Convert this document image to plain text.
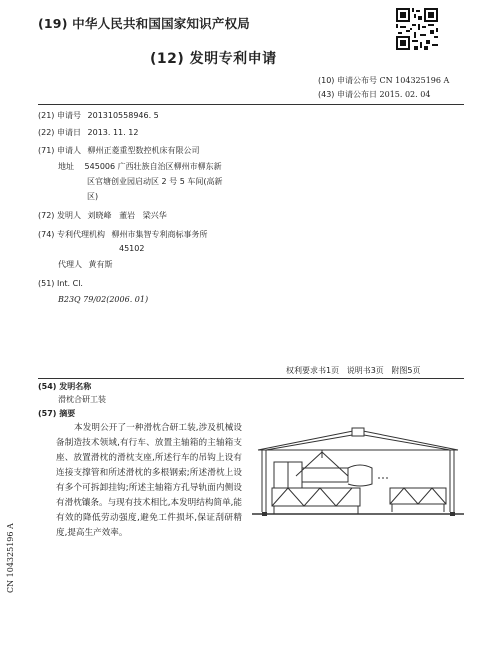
(19) 中华人民共和国国家知识产权局
(12) 发明专利申请
(10) 申请公布号 CN 104325196 A
(43) 申请公布日 2015. 02. 04
(21) 申请号 201310558946. 5
(22) 申请日 2013. 11. 12
(71) 申请人 柳州正菱重型数控机床有限公司
地址 545006 广西壮族自治区柳州市柳东新
区官塘创业园启动区 2 号 5 车间(高新
区)
(72) 发明人 刘晓峰   董岩   梁兴华
(74) 专利代理机构 柳州市集智专利商标事务所
45102
代理人 黄有斯
(51) Int. Cl.
B23Q 79/02(2006. 01)
权利要求书1页   说明书3页   附图5页
(54) 发明名称
滑枕合研工装
(57) 摘要
本发明公开了一种滑枕合研工装,涉及机械设备制造技术领域,有行车、放置主轴箱的主轴箱支座、放置滑枕的滑枕支座,所述行车的吊钩上设有连接支撑管和所述滑枕的多根钢索;所述滑枕上设有多个可拆卸挂钩;所述主轴箱方孔导轨面内侧设有滑枕镶条。与现有技术相比,本发明结构简单,能有效的降低劳动强度,避免工件损坏,保证刮研精度,提高生产效率。
CN 104325196 A
